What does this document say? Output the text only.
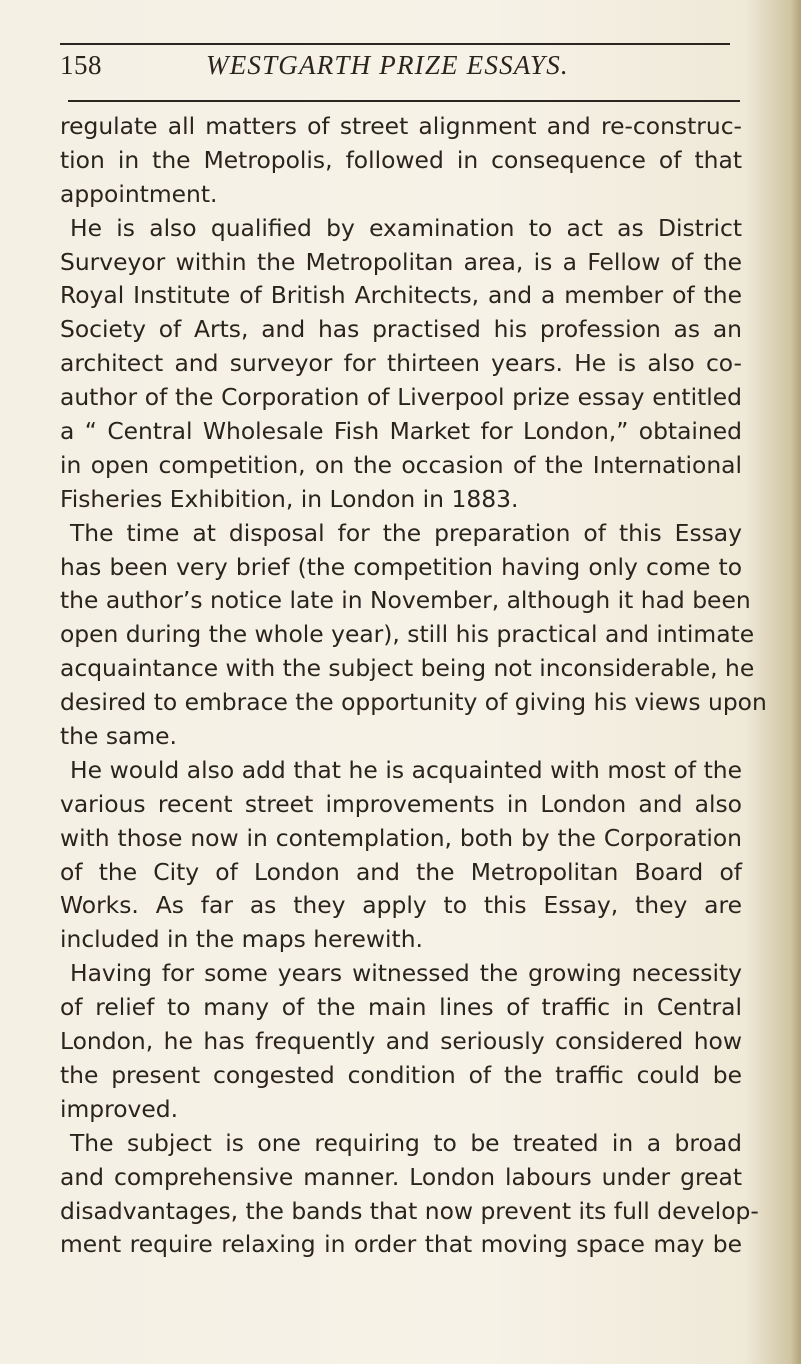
158	WESTGARTH PRIZE ESSAYS.
regulate all matters of street alignment and re-construc-
tion in the Metropolis, followed in consequence of that
appointment.
He is also qualified by examination to act as District
Surveyor within the Metropolitan area, is a Fellow of the
Royal Institute of British Architects, and a member of the
Society of Arts, and has practised his profession as an
architect and surveyor for thirteen years. He is also co-
author of the Corporation of Liverpool prize essay entitled
a “ Central Wholesale Fish Market for London,” obtained
in open competition, on the occasion of the International
Fisheries Exhibition, in London in 1883.
The time at disposal for the preparation of this Essay
has been very brief (the competition having only come to
the author’s notice late in November, although it had been
open during the whole year), still his practical and intimate
acquaintance with the subject being not inconsiderable, he
desired to embrace the opportunity of giving his views upon
the same.
He would also add that he is acquainted with most of the
various recent street improvements in London and also
with those now in contemplation, both by the Corporation
of the City of London and the Metropolitan Board of
Works. As far as they apply to this Essay, they are
included in the maps herewith.
Having for some years witnessed the growing necessity
of relief to many of the main lines of traffic in Central
London, he has frequently and seriously considered how
the present congested condition of the traffic could be
improved.
The subject is one requiring to be treated in a broad
and comprehensive manner. London labours under great
disadvantages, the bands that now prevent its full develop-
ment require relaxing in order that moving space may be
